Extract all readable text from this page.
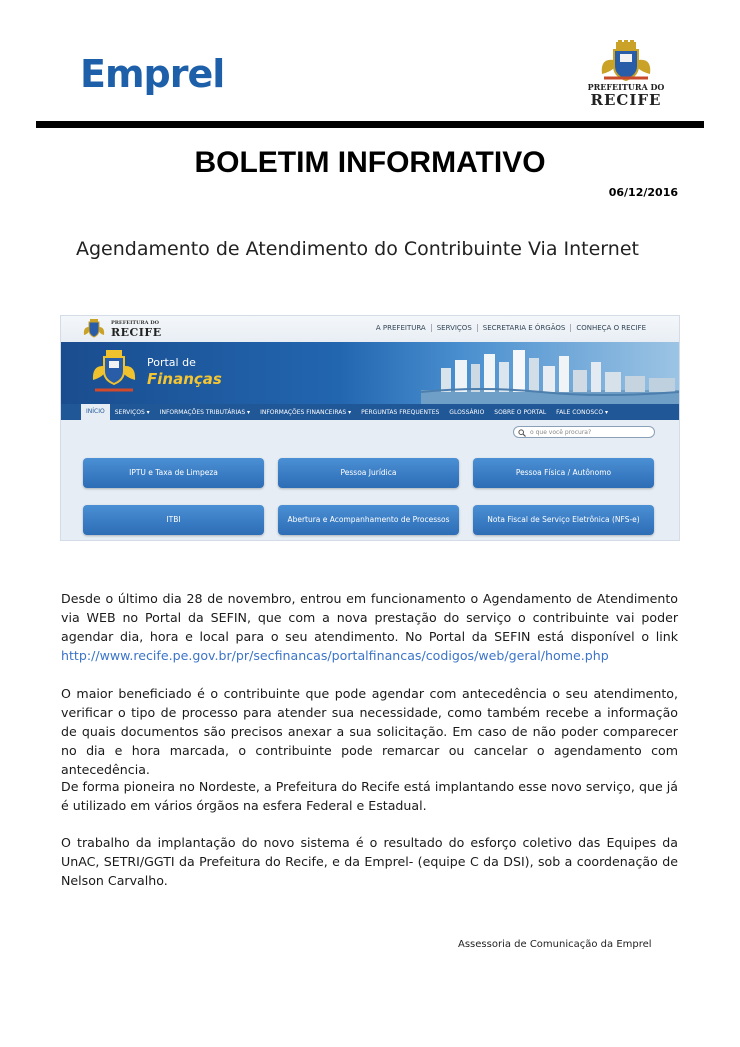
Emprel	PREFEITURA DO
RECIFE
BOLETIM INFORMATIVO
06/12/2016
Agendamento de Atendimento do Contribuinte Via Internet
PREFEITURA DO
RECIFE	A PREFEITURA	SERVIÇOS	SECRETARIA E ÓRGÃOS	CONHEÇA O RECIFE
Portal de
Finanças
INÍCIO	SERVIÇOS ▾	INFORMAÇÕES TRIBUTÁRIAS ▾	INFORMAÇÕES FINANCEIRAS ▾	PERGUNTAS FREQUENTES	GLOSSÁRIO	SOBRE O PORTAL	FALE CONOSCO ▾
o que você procura?
IPTU e Taxa de Limpeza	Pessoa Jurídica	Pessoa Física / Autônomo
ITBI	Abertura e Acompanhamento de Processos	Nota Fiscal de Serviço Eletrônica (NFS-e)
Desde o último dia 28 de novembro, entrou em funcionamento o Agendamento de Atendimento via WEB no Portal da SEFIN, que com a nova prestação do serviço o contribuinte vai poder agendar dia, hora e local para o seu atendimento. No Portal da SEFIN está disponível o link http://www.recife.pe.gov.br/pr/secfinancas/portalfinancas/codigos/web/geral/home.php
O maior beneficiado é o contribuinte que pode agendar com antecedência o seu atendimento, verificar o tipo de processo para atender sua necessidade, como também recebe a informação de quais documentos são precisos anexar a sua solicitação. Em caso de não poder comparecer no dia e hora marcada, o contribuinte pode remarcar ou cancelar o agendamento com antecedência.
De forma pioneira no Nordeste, a Prefeitura do Recife está implantando esse novo serviço, que já é utilizado em vários órgãos na esfera Federal e Estadual.
O trabalho da implantação do novo sistema é o resultado do esforço coletivo das Equipes da UnAC, SETRI/GGTI da Prefeitura do Recife, e da Emprel- (equipe C da DSI), sob a coordenação de Nelson Carvalho.
Assessoria de Comunicação da Emprel
